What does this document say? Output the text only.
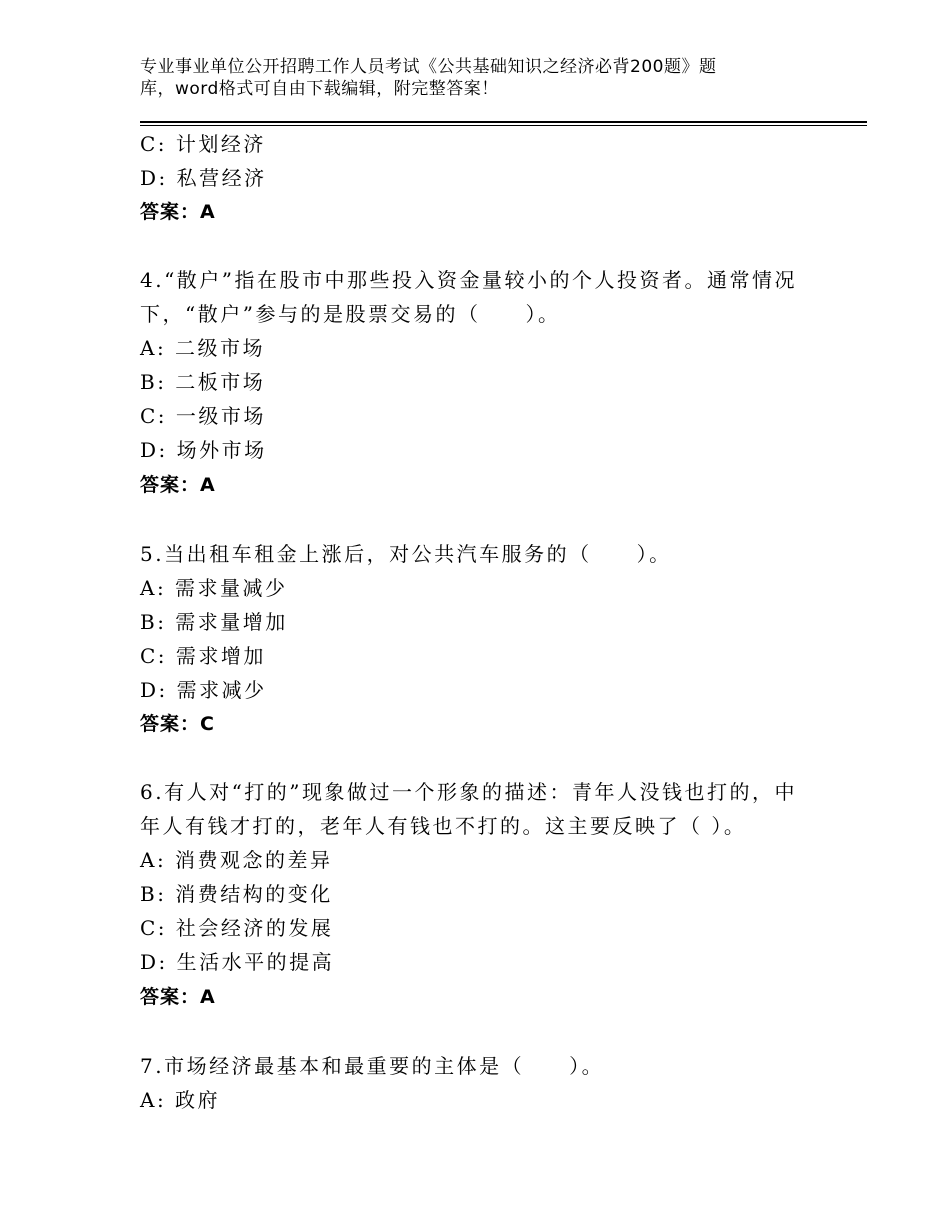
专业事业单位公开招聘工作人员考试《公共基础知识之经济必背200题》题
库，word格式可自由下载编辑，附完整答案！
C: 计划经济
D: 私营经济
答案：A
4.“散户”指在股市中那些投入资金量较小的个人投资者。通常情况
下，“散户”参与的是股票交易的（　　）。
A: 二级市场
B: 二板市场
C: 一级市场
D: 场外市场
答案：A
5.当出租车租金上涨后，对公共汽车服务的（　　）。
A: 需求量减少
B: 需求量增加
C: 需求增加
D: 需求减少
答案：C
6.有人对“打的”现象做过一个形象的描述：青年人没钱也打的，中
年人有钱才打的，老年人有钱也不打的。这主要反映了（ ）。
A: 消费观念的差异
B: 消费结构的变化
C: 社会经济的发展
D: 生活水平的提高
答案：A
7.市场经济最基本和最重要的主体是（　　）。
A: 政府
